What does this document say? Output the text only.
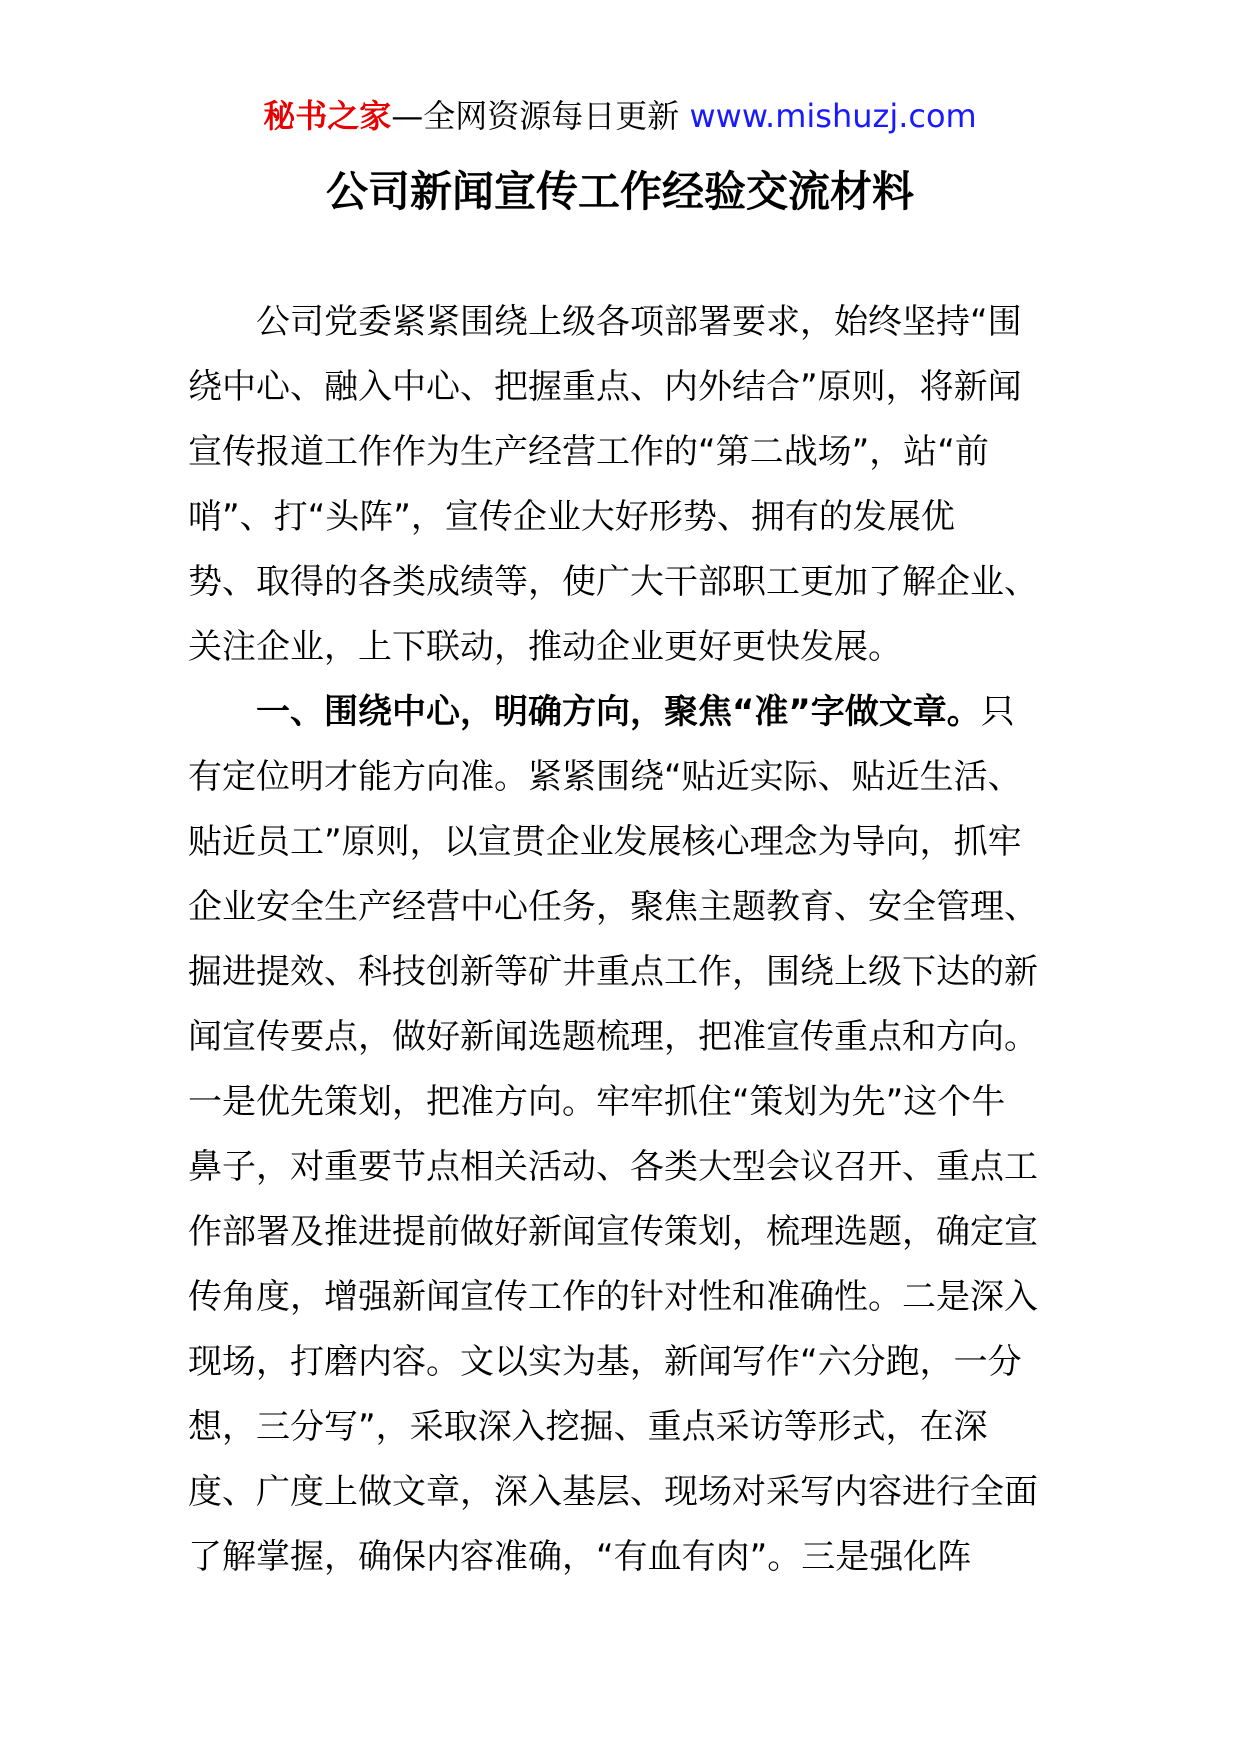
秘书之家—全网资源每日更新 www.mishuzj.com
公司新闻宣传工作经验交流材料
公司党委紧紧围绕上级各项部署要求，始终坚持“围
绕中心、融入中心、把握重点、内外结合”原则，将新闻
宣传报道工作作为生产经营工作的“第二战场”，站“前
哨”、打“头阵”，宣传企业大好形势、拥有的发展优
势、取得的各类成绩等，使广大干部职工更加了解企业、
关注企业，上下联动，推动企业更好更快发展。
一、围绕中心，明确方向，聚焦“准”字做文章。只
有定位明才能方向准。紧紧围绕“贴近实际、贴近生活、
贴近员工”原则，以宣贯企业发展核心理念为导向，抓牢
企业安全生产经营中心任务，聚焦主题教育、安全管理、
掘进提效、科技创新等矿井重点工作，围绕上级下达的新
闻宣传要点，做好新闻选题梳理，把准宣传重点和方向。
一是优先策划，把准方向。牢牢抓住“策划为先”这个牛
鼻子，对重要节点相关活动、各类大型会议召开、重点工
作部署及推进提前做好新闻宣传策划，梳理选题，确定宣
传角度，增强新闻宣传工作的针对性和准确性。二是深入
现场，打磨内容。文以实为基，新闻写作“六分跑，一分
想，三分写”，采取深入挖掘、重点采访等形式，在深
度、广度上做文章，深入基层、现场对采写内容进行全面
了解掌握，确保内容准确，“有血有肉”。三是强化阵
